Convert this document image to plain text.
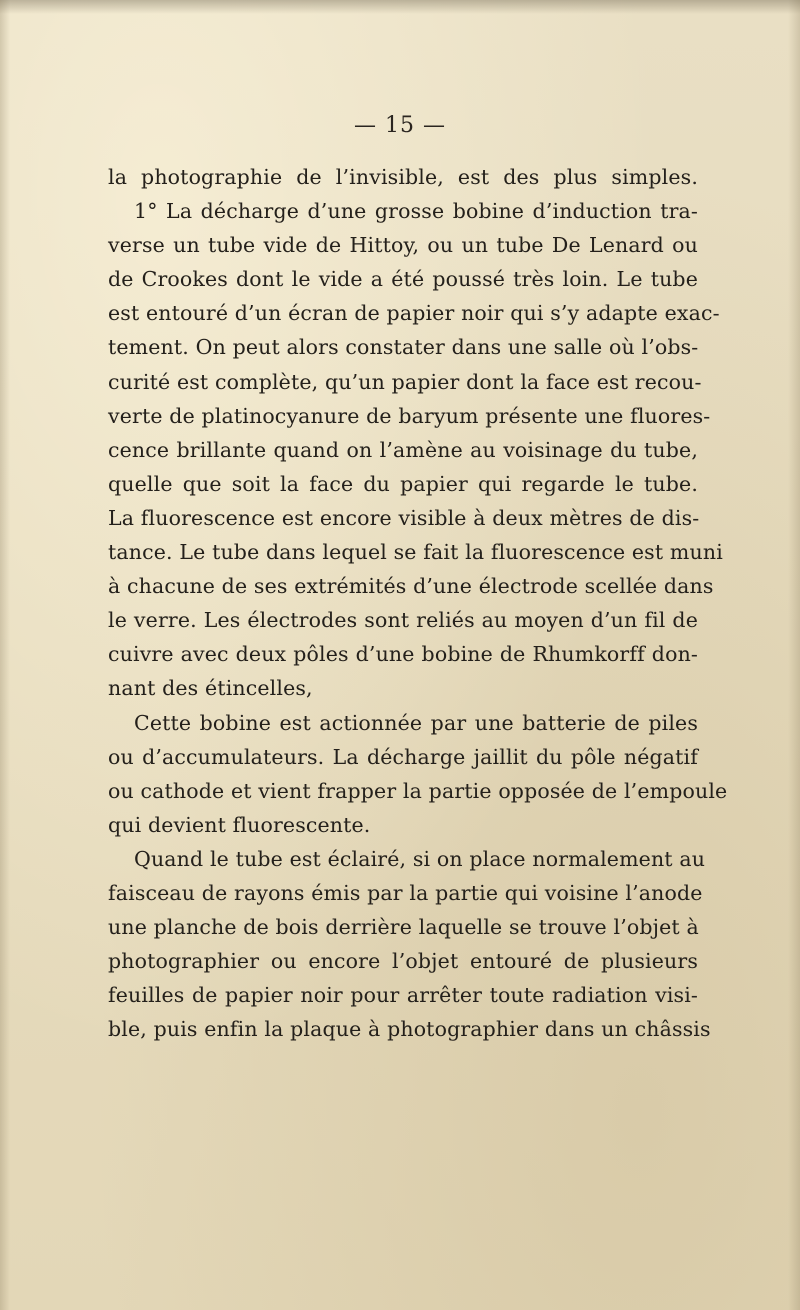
— 15 —
la photographie de l’invisible, est des plus simples.
1° La décharge d’une grosse bobine d’induction tra-
verse un tube vide de Hittoy, ou un tube De Lenard ou
de Crookes dont le vide a été poussé très loin. Le tube
est entouré d’un écran de papier noir qui s’y adapte exac-
tement. On peut alors constater dans une salle où l’obs-
curité est complète, qu’un papier dont la face est recou-
verte de platinocyanure de baryum présente une fluores-
cence brillante quand on l’amène au voisinage du tube,
quelle que soit la face du papier qui regarde le tube.
La fluorescence est encore visible à deux mètres de dis-
tance. Le tube dans lequel se fait la fluorescence est muni
à chacune de ses extrémités d’une électrode scellée dans
le verre. Les électrodes sont reliés au moyen d’un fil de
cuivre avec deux pôles d’une bobine de Rhumkorff don-
nant des étincelles,
Cette bobine est actionnée par une batterie de piles
ou d’accumulateurs. La décharge jaillit du pôle négatif
ou cathode et vient frapper la partie opposée de l’empoule
qui devient fluorescente.
Quand le tube est éclairé, si on place normalement au
faisceau de rayons émis par la partie qui voisine l’anode
une planche de bois derrière laquelle se trouve l’objet à
photographier ou encore l’objet entouré de plusieurs
feuilles de papier noir pour arrêter toute radiation visi-
ble, puis enfin la plaque à photographier dans un châssis
